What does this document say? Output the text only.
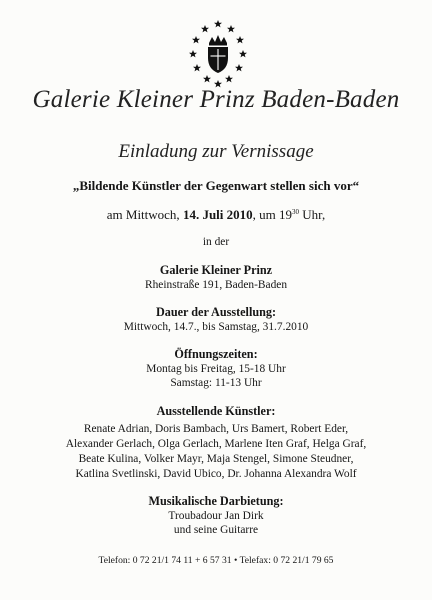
Galerie Kleiner Prinz Baden-Baden
Einladung zur Vernissage
„Bildende Künstler der Gegenwart stellen sich vor“
am Mittwoch, 14. Juli 2010, um $19^{30}$ Uhr,
in der
Galerie Kleiner Prinz
Rheinstraße 191, Baden-Baden
Dauer der Ausstellung:
Mittwoch, 14.7., bis Samstag, 31.7.2010
Öffnungszeiten:
Montag bis Freitag, 15-18 Uhr
Samstag: 11-13 Uhr
Ausstellende Künstler:
Renate Adrian, Doris Bambach, Urs Bamert, Robert Eder,
Alexander Gerlach, Olga Gerlach, Marlene Iten Graf, Helga Graf,
Beate Kulina, Volker Mayr, Maja Stengel, Simone Steudner,
Katlina Svetlinski, David Ubico, Dr. Johanna Alexandra Wolf
Musikalische Darbietung:
Troubadour Jan Dirk
und seine Guitarre
Telefon: 0 72 21/1 74 11 + 6 57 31 • Telefax: 0 72 21/1 79 65
